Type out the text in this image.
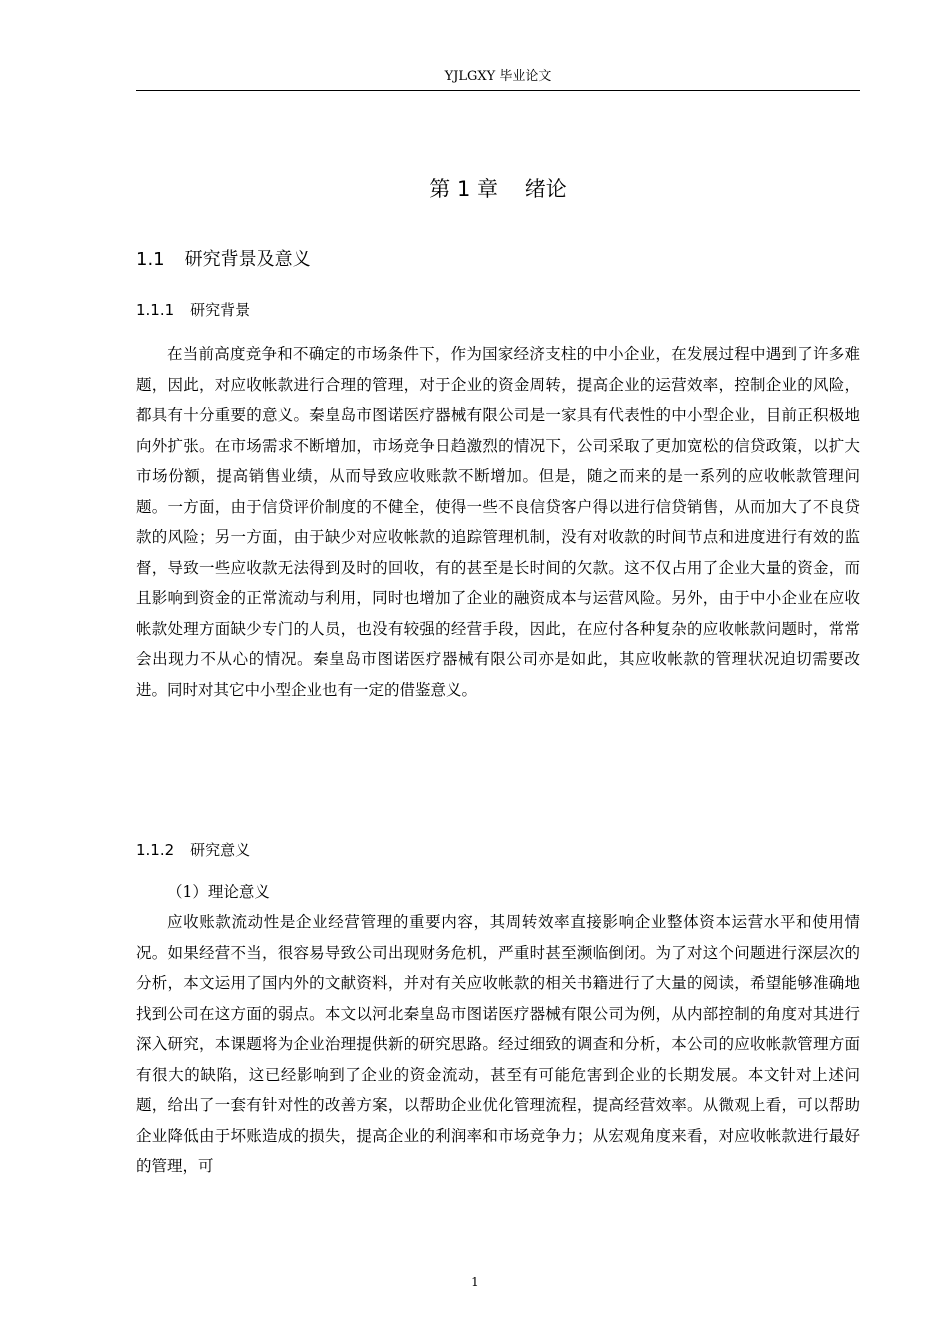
YJLGXY 毕业论文
第 1 章    绪论
1.1 研究背景及意义
1.1.1 研究背景

在当前高度竞争和不确定的市场条件下，作为国家经济支柱的中小企业，在发展过程中遇到了许多难题，因此，对应收帐款进行合理的管理，对于企业的资金周转，提高企业的运营效率，控制企业的风险，都具有十分重要的意义。秦皇岛市图诺医疗器械有限公司是一家具有代表性的中小型企业，目前正积极地向外扩张。在市场需求不断增加，市场竞争日趋激烈的情况下，公司采取了更加宽松的信贷政策，以扩大市场份额，提高销售业绩，从而导致应收账款不断增加。但是，随之而来的是一系列的应收帐款管理问题。一方面，由于信贷评价制度的不健全，使得一些不良信贷客户得以进行信贷销售，从而加大了不良贷款的风险；另一方面，由于缺少对应收帐款的追踪管理机制，没有对收款的时间节点和进度进行有效的监督，导致一些应收款无法得到及时的回收，有的甚至是长时间的欠款。这不仅占用了企业大量的资金，而且影响到资金的正常流动与利用，同时也增加了企业的融资成本与运营风险。另外，由于中小企业在应收帐款处理方面缺少专门的人员，也没有较强的经营手段，因此，在应付各种复杂的应收帐款问题时，常常会出现力不从心的情况。秦皇岛市图诺医疗器械有限公司亦是如此，其应收帐款的管理状况迫切需要改进。同时对其它中小型企业也有一定的借鉴意义。

1.1.2 研究意义
（1）理论意义

应收账款流动性是企业经营管理的重要内容，其周转效率直接影响企业整体资本运营水平和使用情况。如果经营不当，很容易导致公司出现财务危机，严重时甚至濒临倒闭。为了对这个问题进行深层次的分析，本文运用了国内外的文献资料，并对有关应收帐款的相关书籍进行了大量的阅读，希望能够准确地找到公司在这方面的弱点。本文以河北秦皇岛市图诺医疗器械有限公司为例，从内部控制的角度对其进行深入研究，本课题将为企业治理提供新的研究思路。经过细致的调查和分析，本公司的应收帐款管理方面有很大的缺陷，这已经影响到了企业的资金流动，甚至有可能危害到企业的长期发展。本文针对上述问题，给出了一套有针对性的改善方案，以帮助企业优化管理流程，提高经营效率。从微观上看，可以帮助企业降低由于坏账造成的损失，提高企业的利润率和市场竞争力；从宏观角度来看，对应收帐款进行最好的管理，可

1
